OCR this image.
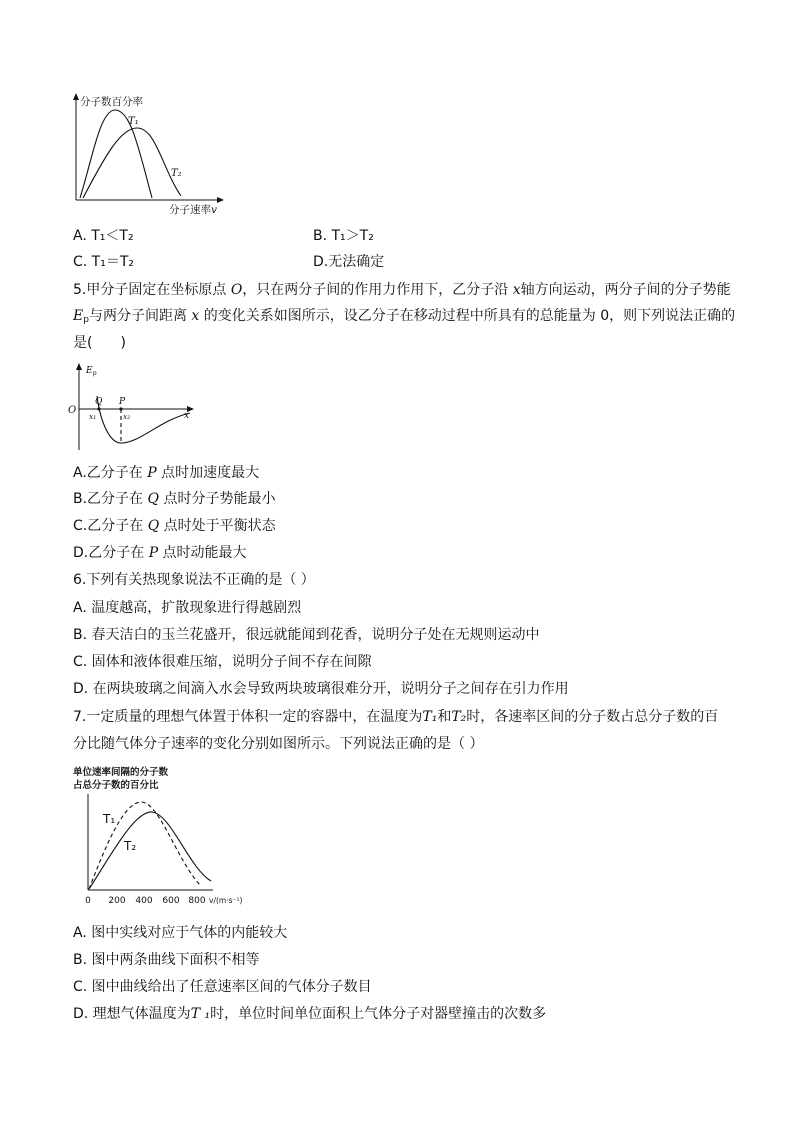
分子数百分率
T₁
T₂
分子速率v
A. T₁＜T₂	B. T₁＞T₂
C. T₁＝T₂	D.无法确定
5.甲分子固定在坐标原点 O，只在两分子间的作用力作用下，乙分子沿 x轴方向运动，两分子间的分子势能
$E_p$与两分子间距离 x 的变化关系如图所示，设乙分子在移动过程中所具有的总能量为 0，则下列说法正确的
是(　　)
$E_p$
O
Q P
x₁	x₂	x
A.乙分子在 P 点时加速度最大
B.乙分子在 Q 点时分子势能最小
C.乙分子在 Q 点时处于平衡状态
D.乙分子在 P 点时动能最大
6.下列有关热现象说法不正确的是（ ）
A. 温度越高，扩散现象进行得越剧烈
B. 春天洁白的玉兰花盛开，很远就能闻到花香，说明分子处在无规则运动中
C. 固体和液体很难压缩，说明分子间不存在间隙
D. 在两块玻璃之间滴入水会导致两块玻璃很难分开，说明分子之间存在引力作用
7.一定质量的理想气体置于体积一定的容器中，在温度为T₁和T₂时，各速率区间的分子数占总分子数的百
分比随气体分子速率的变化分别如图所示。下列说法正确的是（ ）
单位速率间隔的分子数
占总分子数的百分比
T₁
T₂
0 200 400 600 800 v/(m·s⁻¹)
A. 图中实线对应于气体的内能较大
B. 图中两条曲线下面积不相等
C. 图中曲线给出了任意速率区间的气体分子数目
D. 理想气体温度为T ₁时，单位时间单位面积上气体分子对器壁撞击的次数多
